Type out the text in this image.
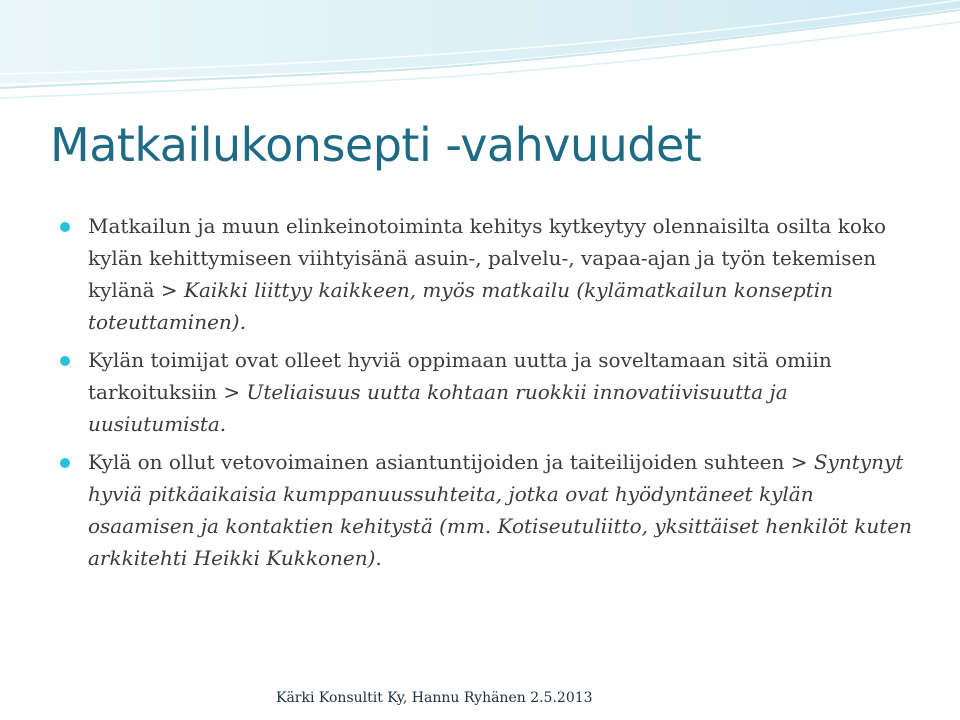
Matkailukonsepti -vahvuudet
Matkailun ja muun elinkeinotoiminta kehitys kytkeytyy olennaisilta osilta koko kylän kehittymiseen viihtyisänä asuin-, palvelu-, vapaa-ajan ja työn tekemisen kylänä > Kaikki liittyy kaikkeen, myös matkailu (kylämatkailun konseptin toteuttaminen).
Kylän toimijat ovat olleet hyviä oppimaan uutta ja soveltamaan sitä omiin tarkoituksiin > Uteliaisuus uutta kohtaan ruokkii innovatiivisuutta ja uusiutumista.
Kylä on ollut vetovoimainen asiantuntijoiden ja taiteilijoiden suhteen > Syntynyt hyviä pitkäaikaisia kumppanuussuhteita, jotka ovat hyödyntäneet kylän osaamisen ja kontaktien kehitystä (mm. Kotiseutuliitto, yksittäiset henkilöt kuten arkkitehti Heikki Kukkonen).
Kärki Konsultit Ky, Hannu Ryhänen 2.5.2013
